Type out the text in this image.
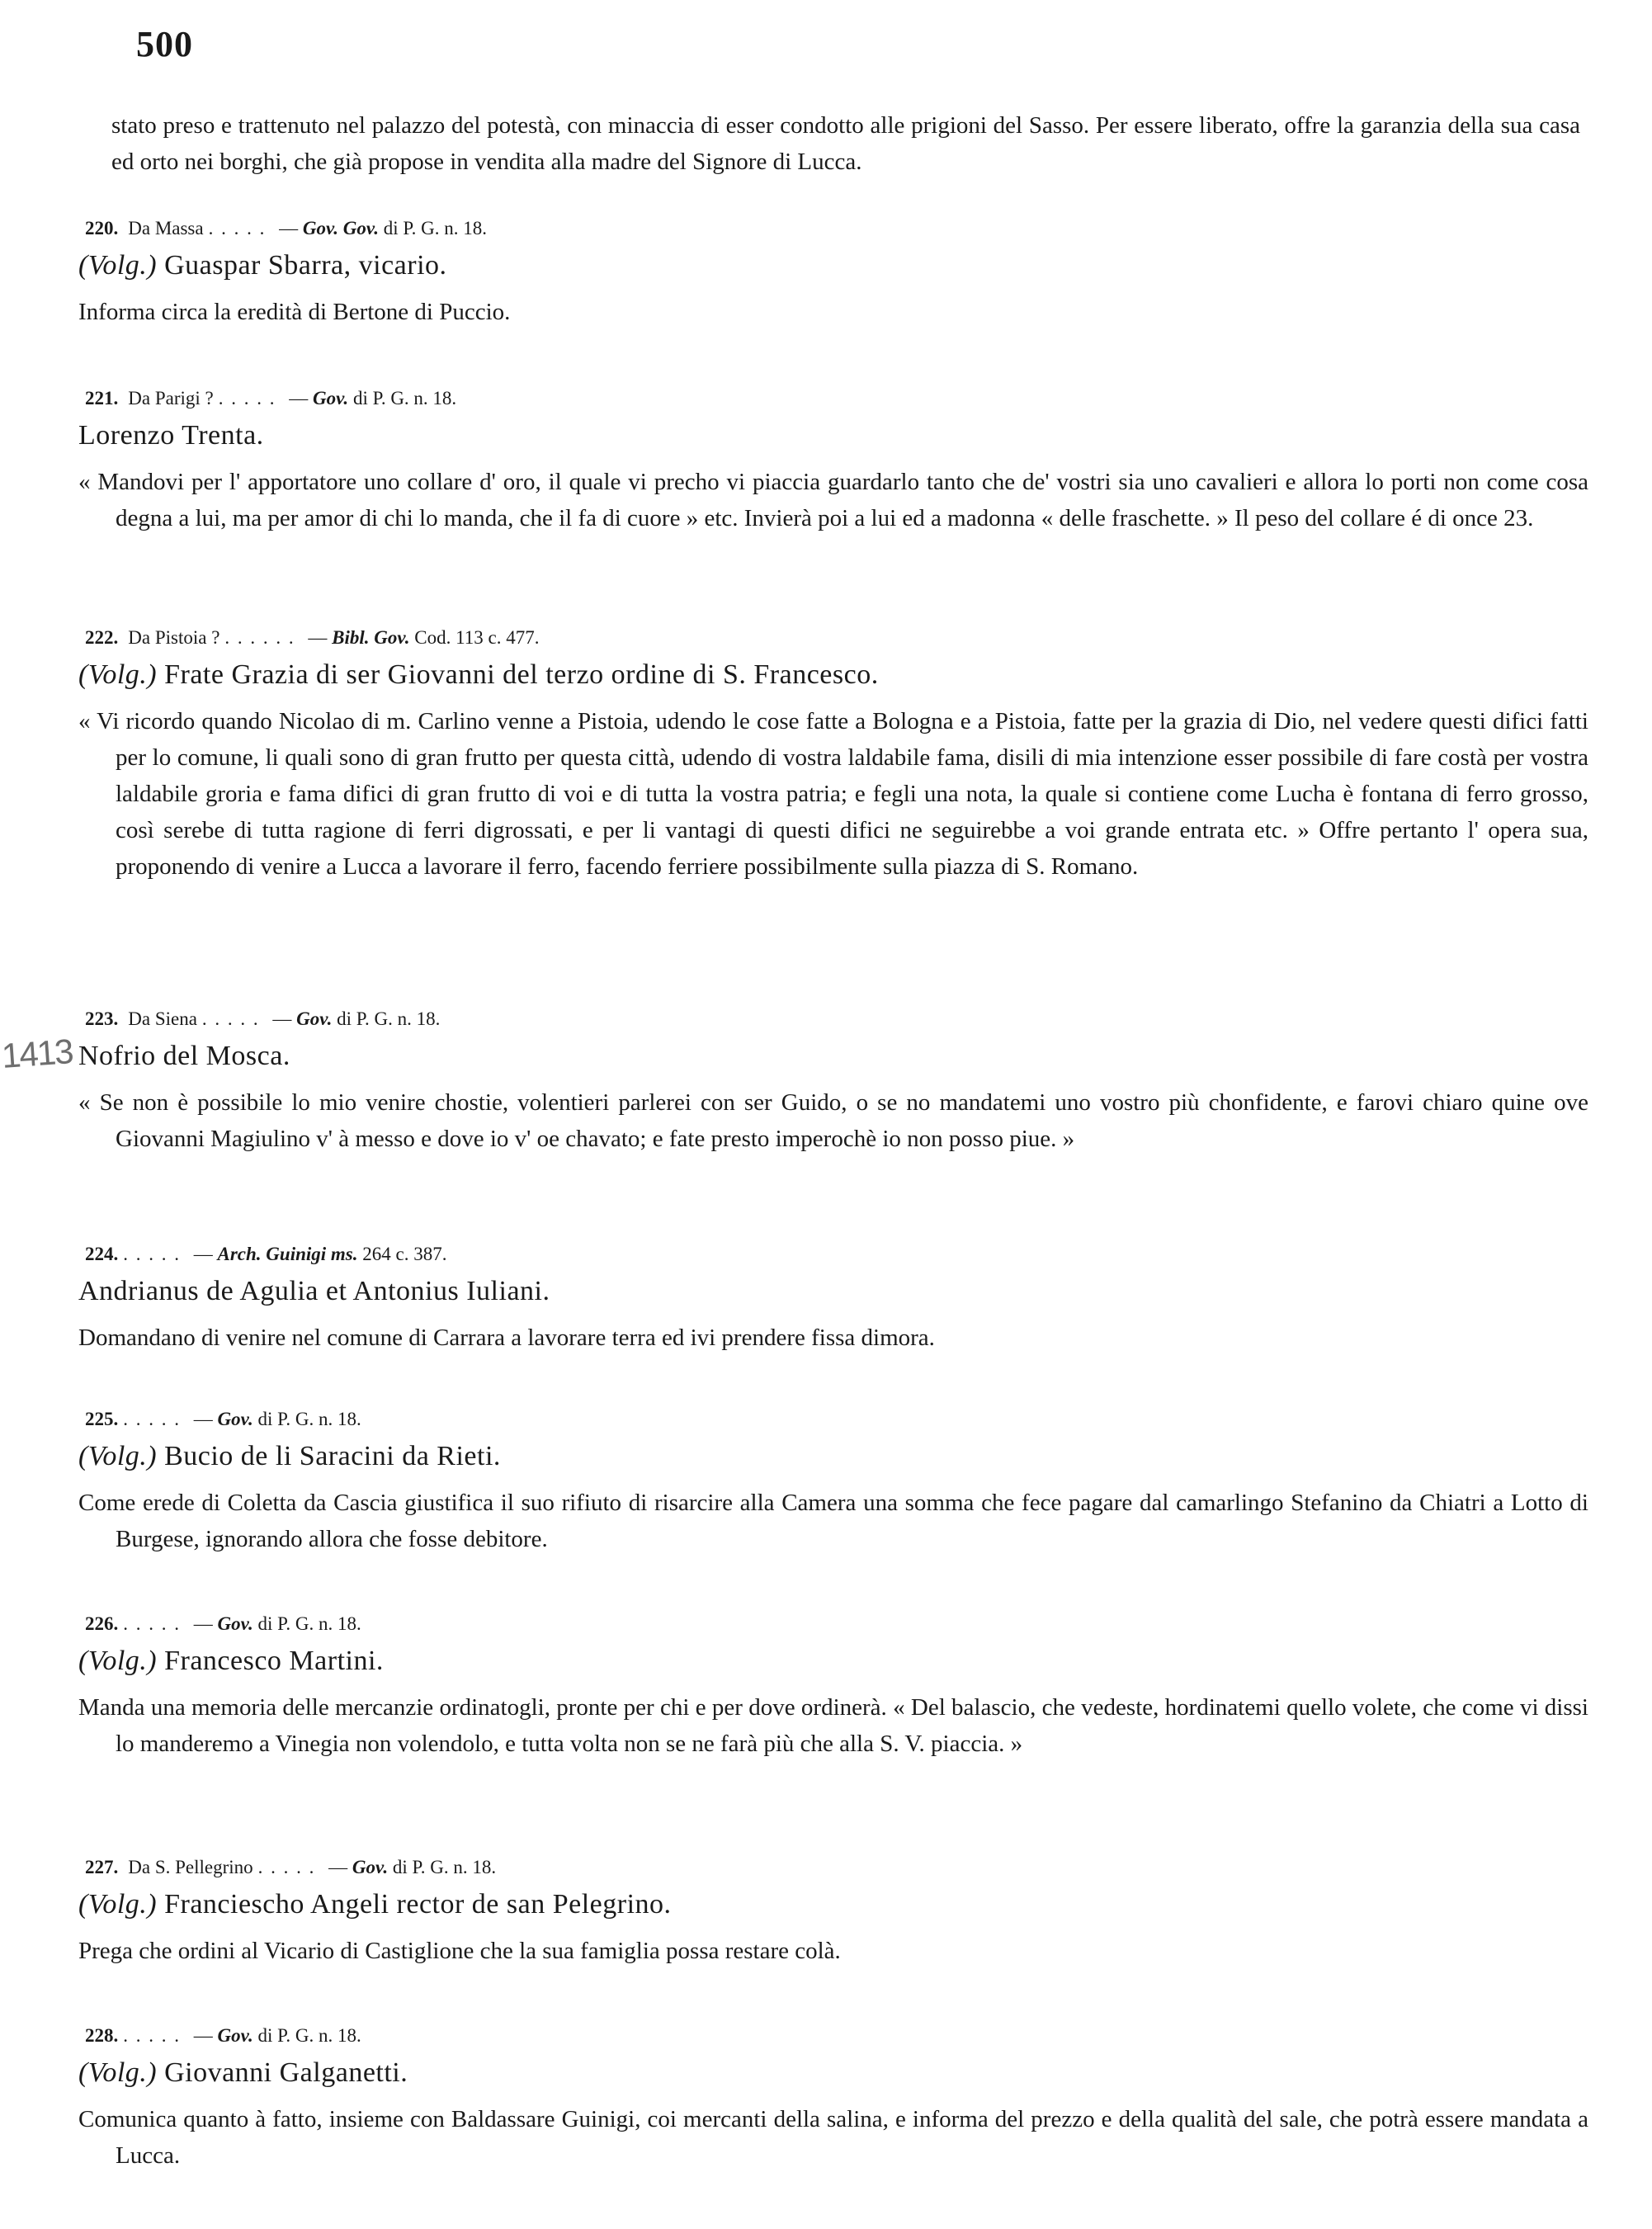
500

stato preso e trattenuto nel palazzo del potestà, con minaccia di esser condotto alle prigioni del Sasso. Per essere liberato, offre la garanzia della sua casa ed orto nei borghi, che già propose in vendita alla madre del Signore di Lucca.

1413

220. Da Massa . . . . . — Gov. Gov. di P. G. n. 18.
(Volg.) Guaspar Sbarra, vicario.

Informa circa la eredità di Bertone di Puccio.

221. Da Parigi ? . . . . . — Gov. di P. G. n. 18.
Lorenzo Trenta.

« Mandovi per l' apportatore uno collare d' oro, il quale vi precho vi piaccia guardarlo tanto che de' vostri sia uno cavalieri e allora lo porti non come cosa degna a lui, ma per amor di chi lo manda, che il fa di cuore » etc. Invierà poi a lui ed a madonna « delle fraschette. » Il peso del collare é di once 23.

222. Da Pistoia ? . . . . . . — Bibl. Gov. Cod. 113 c. 477.
(Volg.) Frate Grazia di ser Giovanni del terzo ordine di S. Francesco.

« Vi ricordo quando Nicolao di m. Carlino venne a Pistoia, udendo le cose fatte a Bologna e a Pistoia, fatte per la grazia di Dio, nel vedere questi difici fatti per lo comune, li quali sono di gran frutto per questa città, udendo di vostra laldabile fama, disili di mia intenzione esser possibile di fare costà per vostra laldabile groria e fama difici di gran frutto di voi e di tutta la vostra patria; e fegli una nota, la quale si contiene come Lucha è fontana di ferro grosso, così serebe di tutta ragione di ferri digrossati, e per li vantagi di questi difici ne seguirebbe a voi grande entrata etc. » Offre pertanto l' opera sua, proponendo di venire a Lucca a lavorare il ferro, facendo ferriere possibilmente sulla piazza di S. Romano.

223. Da Siena . . . . . — Gov. di P. G. n. 18.
Nofrio del Mosca.

« Se non è possibile lo mio venire chostie, volentieri parlerei con ser Guido, o se no mandatemi uno vostro più chonfidente, e farovi chiaro quine ove Giovanni Magiulino v' à messo e dove io v' oe chavato; e fate presto imperochè io non posso piue. »

224. . . . . . — Arch. Guinigi ms. 264 c. 387.
Andrianus de Agulia et Antonius Iuliani.

Domandano di venire nel comune di Carrara a lavorare terra ed ivi prendere fissa dimora.

225. . . . . . — Gov. di P. G. n. 18.
(Volg.) Bucio de li Saracini da Rieti.

Come erede di Coletta da Cascia giustifica il suo rifiuto di risarcire alla Camera una somma che fece pagare dal camarlingo Stefanino da Chiatri a Lotto di Burgese, ignorando allora che fosse debitore.

226. . . . . . — Gov. di P. G. n. 18.
(Volg.) Francesco Martini.

Manda una memoria delle mercanzie ordinatogli, pronte per chi e per dove ordinerà. « Del balascio, che vedeste, hordinatemi quello volete, che come vi dissi lo manderemo a Vinegia non volendolo, e tutta volta non se ne farà più che alla S. V. piaccia. »

227. Da S. Pellegrino . . . . . — Gov. di P. G. n. 18.
(Volg.) Franciescho Angeli rector de san Pelegrino.

Prega che ordini al Vicario di Castiglione che la sua famiglia possa restare colà.

228. . . . . . — Gov. di P. G. n. 18.
(Volg.) Giovanni Galganetti.

Comunica quanto à fatto, insieme con Baldassare Guinigi, coi mercanti della salina, e informa del prezzo e della qualità del sale, che potrà essere mandata a Lucca.
